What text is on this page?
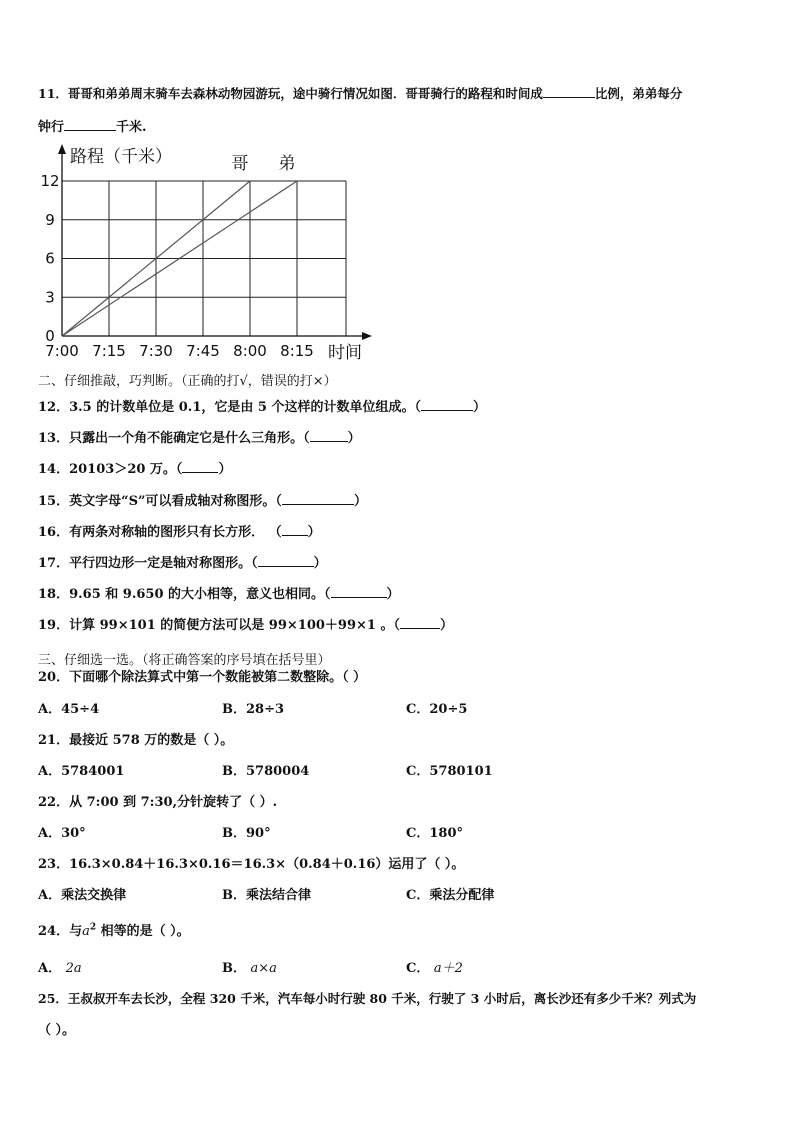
11．哥哥和弟弟周末骑车去森林动物园游玩，途中骑行情况如图．哥哥骑行的路程和时间成	比例，弟弟每分
钟行	千米.
0
3
6
9
12
7:00 7:15 7:30 7:45 8:00 8:15
路程（千米）
时间
哥 弟
二、仔细推敲，巧判断。（正确的打√，错误的打×）
12．3.5 的计数单位是 0.1，它是由 5 个这样的计数单位组成。（	）
13．只露出一个角不能确定它是什么三角形。（	）
14．20103＞20 万。（	）
15．英文字母“S”可以看成轴对称图形。（	）
16．有两条对称轴的图形只有长方形． （ ）
17．平行四边形一定是轴对称图形。（	）
18．9.65 和 9.650 的大小相等，意义也相同。（	）
19．计算 99×101 的简便方法可以是 99×100＋99×1 。（	）
三、仔细选一选。（将正确答案的序号填在括号里）
20．下面哪个除法算式中第一个数能被第二数整除。（ ）
A．45÷4	B．28÷3	C．20÷5
21．最接近 578 万的数是（ ）。
A．5784001	B．5780004	C．5780101
22．从 7:00 到 7:30,分针旋转了（ ）.
A．30°	B．90°	C．180°
23．16.3×0.84＋16.3×0.16＝16.3×（0.84＋0.16）运用了（ ）。
A．乘法交换律	B．乘法结合律	C．乘法分配律
24．与$a^2$ 相等的是（ ）。
A． 2a	B． a×a	C． a＋2
25．王叔叔开车去长沙，全程 320 千米，汽车每小时行驶 80 千米，行驶了 3 小时后，离长沙还有多少千米？列式为
（ ）。
